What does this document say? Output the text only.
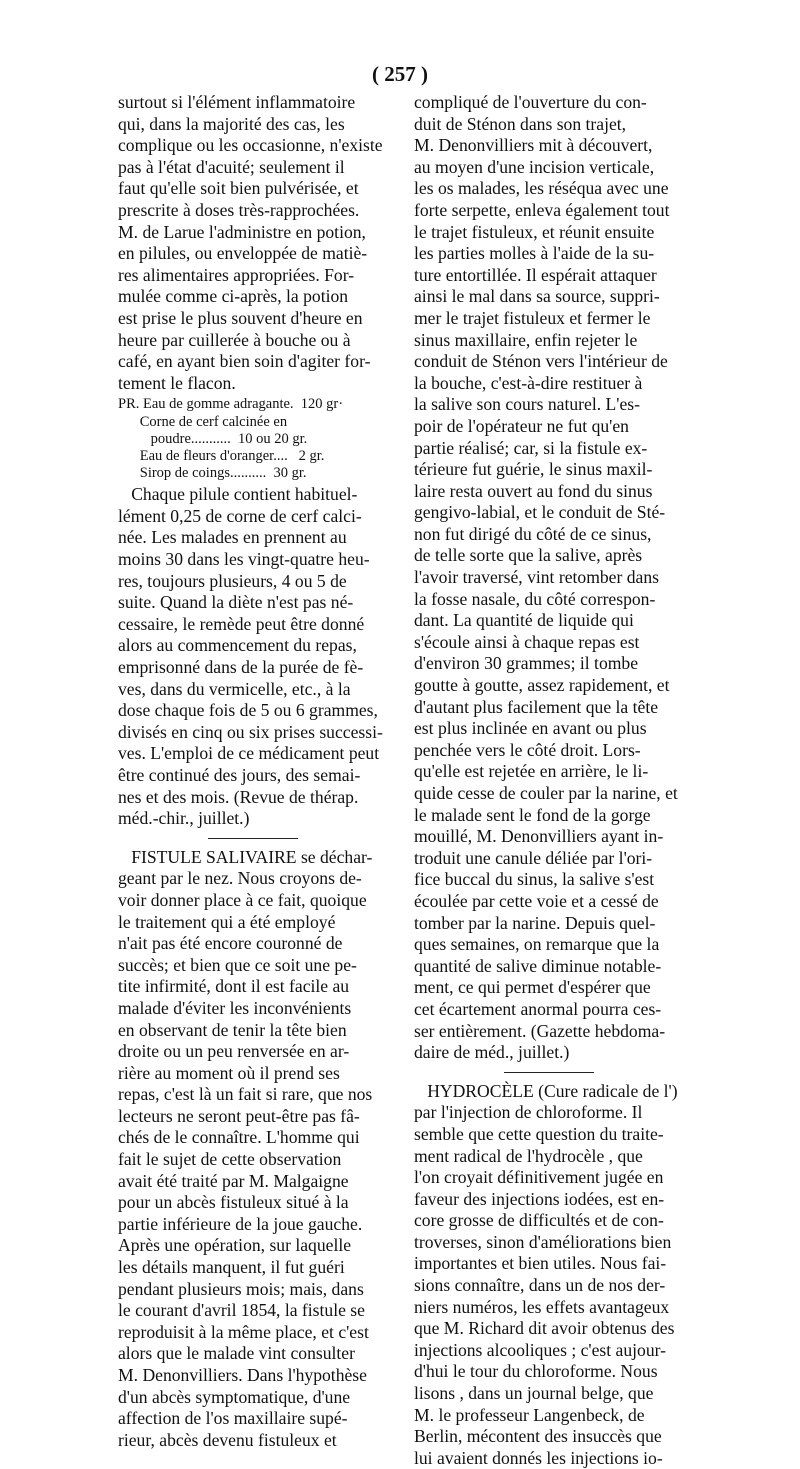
( 257 )
surtout si l'élément inflammatoire
qui, dans la majorité des cas, les
complique ou les occasionne, n'existe
pas à l'état d'acuité; seulement il
faut qu'elle soit bien pulvérisée, et
prescrite à doses très-rapprochées.
M. de Larue l'administre en potion,
en pilules, ou enveloppée de matiè-
res alimentaires appropriées. For-
mulée comme ci-après, la potion
est prise le plus souvent d'heure en
heure par cuillerée à bouche ou à
café, en ayant bien soin d'agiter for-
tement le flacon.
PR. Eau de gomme adragante.  120 gr·
Corne de cerf calcinée en
poudre...........  10 ou 20 gr.
Eau de fleurs d'oranger....   2 gr.
Sirop de coings..........  30 gr.
Chaque pilule contient habituel-
lément 0,25 de corne de cerf calci-
née. Les malades en prennent au
moins 30 dans les vingt-quatre heu-
res, toujours plusieurs, 4 ou 5 de
suite. Quand la diète n'est pas né-
cessaire, le remède peut être donné
alors au commencement du repas,
emprisonné dans de la purée de fè-
ves, dans du vermicelle, etc., à la
dose chaque fois de 5 ou 6 grammes,
divisés en cinq ou six prises successi-
ves. L'emploi de ce médicament peut
être continué des jours, des semai-
nes et des mois. (Revue de thérap.
méd.-chir., juillet.)
FISTULE SALIVAIRE se déchar-
geant par le nez. Nous croyons de-
voir donner place à ce fait, quoique
le traitement qui a été employé
n'ait pas été encore couronné de
succès; et bien que ce soit une pe-
tite infirmité, dont il est facile au
malade d'éviter les inconvénients
en observant de tenir la tête bien
droite ou un peu renversée en ar-
rière au moment où il prend ses
repas, c'est là un fait si rare, que nos
lecteurs ne seront peut-être pas fâ-
chés de le connaître. L'homme qui
fait le sujet de cette observation
avait été traité par M. Malgaigne
pour un abcès fistuleux situé à la
partie inférieure de la joue gauche.
Après une opération, sur laquelle
les détails manquent, il fut guéri
pendant plusieurs mois; mais, dans
le courant d'avril 1854, la fistule se
reproduisit à la même place, et c'est
alors que le malade vint consulter
M. Denonvilliers. Dans l'hypothèse
d'un abcès symptomatique, d'une
affection de l'os maxillaire supé-
rieur, abcès devenu fistuleux et
compliqué de l'ouverture du con-
duit de Sténon dans son trajet,
M. Denonvilliers mit à découvert,
au moyen d'une incision verticale,
les os malades, les réséqua avec une
forte serpette, enleva également tout
le trajet fistuleux, et réunit ensuite
les parties molles à l'aide de la su-
ture entortillée. Il espérait attaquer
ainsi le mal dans sa source, suppri-
mer le trajet fistuleux et fermer le
sinus maxillaire, enfin rejeter le
conduit de Sténon vers l'intérieur de
la bouche, c'est-à-dire restituer à
la salive son cours naturel. L'es-
poir de l'opérateur ne fut qu'en
partie réalisé; car, si la fistule ex-
térieure fut guérie, le sinus maxil-
laire resta ouvert au fond du sinus
gengivo-labial, et le conduit de Sté-
non fut dirigé du côté de ce sinus,
de telle sorte que la salive, après
l'avoir traversé, vint retomber dans
la fosse nasale, du côté correspon-
dant. La quantité de liquide qui
s'écoule ainsi à chaque repas est
d'environ 30 grammes; il tombe
goutte à goutte, assez rapidement, et
d'autant plus facilement que la tête
est plus inclinée en avant ou plus
penchée vers le côté droit. Lors-
qu'elle est rejetée en arrière, le li-
quide cesse de couler par la narine, et
le malade sent le fond de la gorge
mouillé, M. Denonvilliers ayant in-
troduit une canule déliée par l'ori-
fice buccal du sinus, la salive s'est
écoulée par cette voie et a cessé de
tomber par la narine. Depuis quel-
ques semaines, on remarque que la
quantité de salive diminue notable-
ment, ce qui permet d'espérer que
cet écartement anormal pourra ces-
ser entièrement. (Gazette hebdoma-
daire de méd., juillet.)
HYDROCÈLE (Cure radicale de l')
par l'injection de chloroforme. Il
semble que cette question du traite-
ment radical de l'hydrocèle , que
l'on croyait définitivement jugée en
faveur des injections iodées, est en-
core grosse de difficultés et de con-
troverses, sinon d'améliorations bien
importantes et bien utiles. Nous fai-
sions connaître, dans un de nos der-
niers numéros, les effets avantageux
que M. Richard dit avoir obtenus des
injections alcooliques ; c'est aujour-
d'hui le tour du chloroforme. Nous
lisons , dans un journal belge, que
M. le professeur Langenbeck, de
Berlin, mécontent des insuccès que
lui avaient donnés les injections io-
